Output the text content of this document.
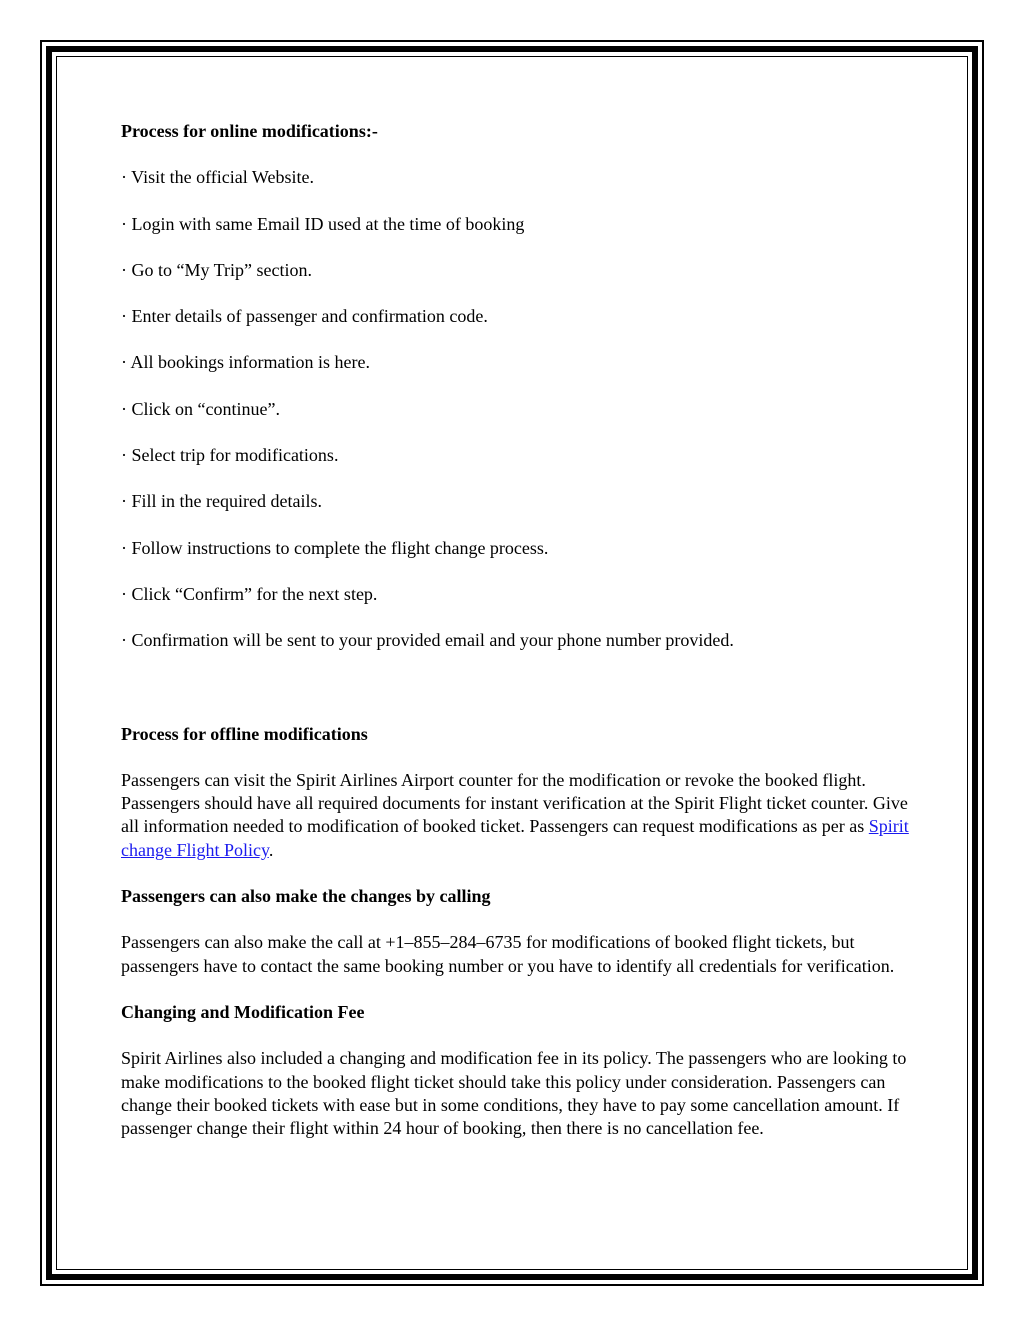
Process for online modifications:-

· Visit the official Website.
· Login with same Email ID used at the time of booking
· Go to “My Trip” section.
· Enter details of passenger and confirmation code.
· All bookings information is here.
· Click on “continue”.
· Select trip for modifications.
· Fill in the required details.
· Follow instructions to complete the flight change process.
· Click “Confirm” for the next step.
· Confirmation will be sent to your provided email and your phone number provided.

Process for offline modifications

Passengers can visit the Spirit Airlines Airport counter for the modification or revoke the booked flight. Passengers should have all required documents for instant verification at the Spirit Flight ticket counter. Give all information needed to modification of booked ticket. Passengers can request modifications as per as Spirit change Flight Policy.

Passengers can also make the changes by calling

Passengers can also make the call at +1–855–284–6735 for modifications of booked flight tickets, but passengers have to contact the same booking number or you have to identify all credentials for verification.

Changing and Modification Fee

Spirit Airlines also included a changing and modification fee in its policy. The passengers who are looking to make modifications to the booked flight ticket should take this policy under consideration. Passengers can change their booked tickets with ease but in some conditions, they have to pay some cancellation amount. If passenger change their flight within 24 hour of booking, then there is no cancellation fee.
